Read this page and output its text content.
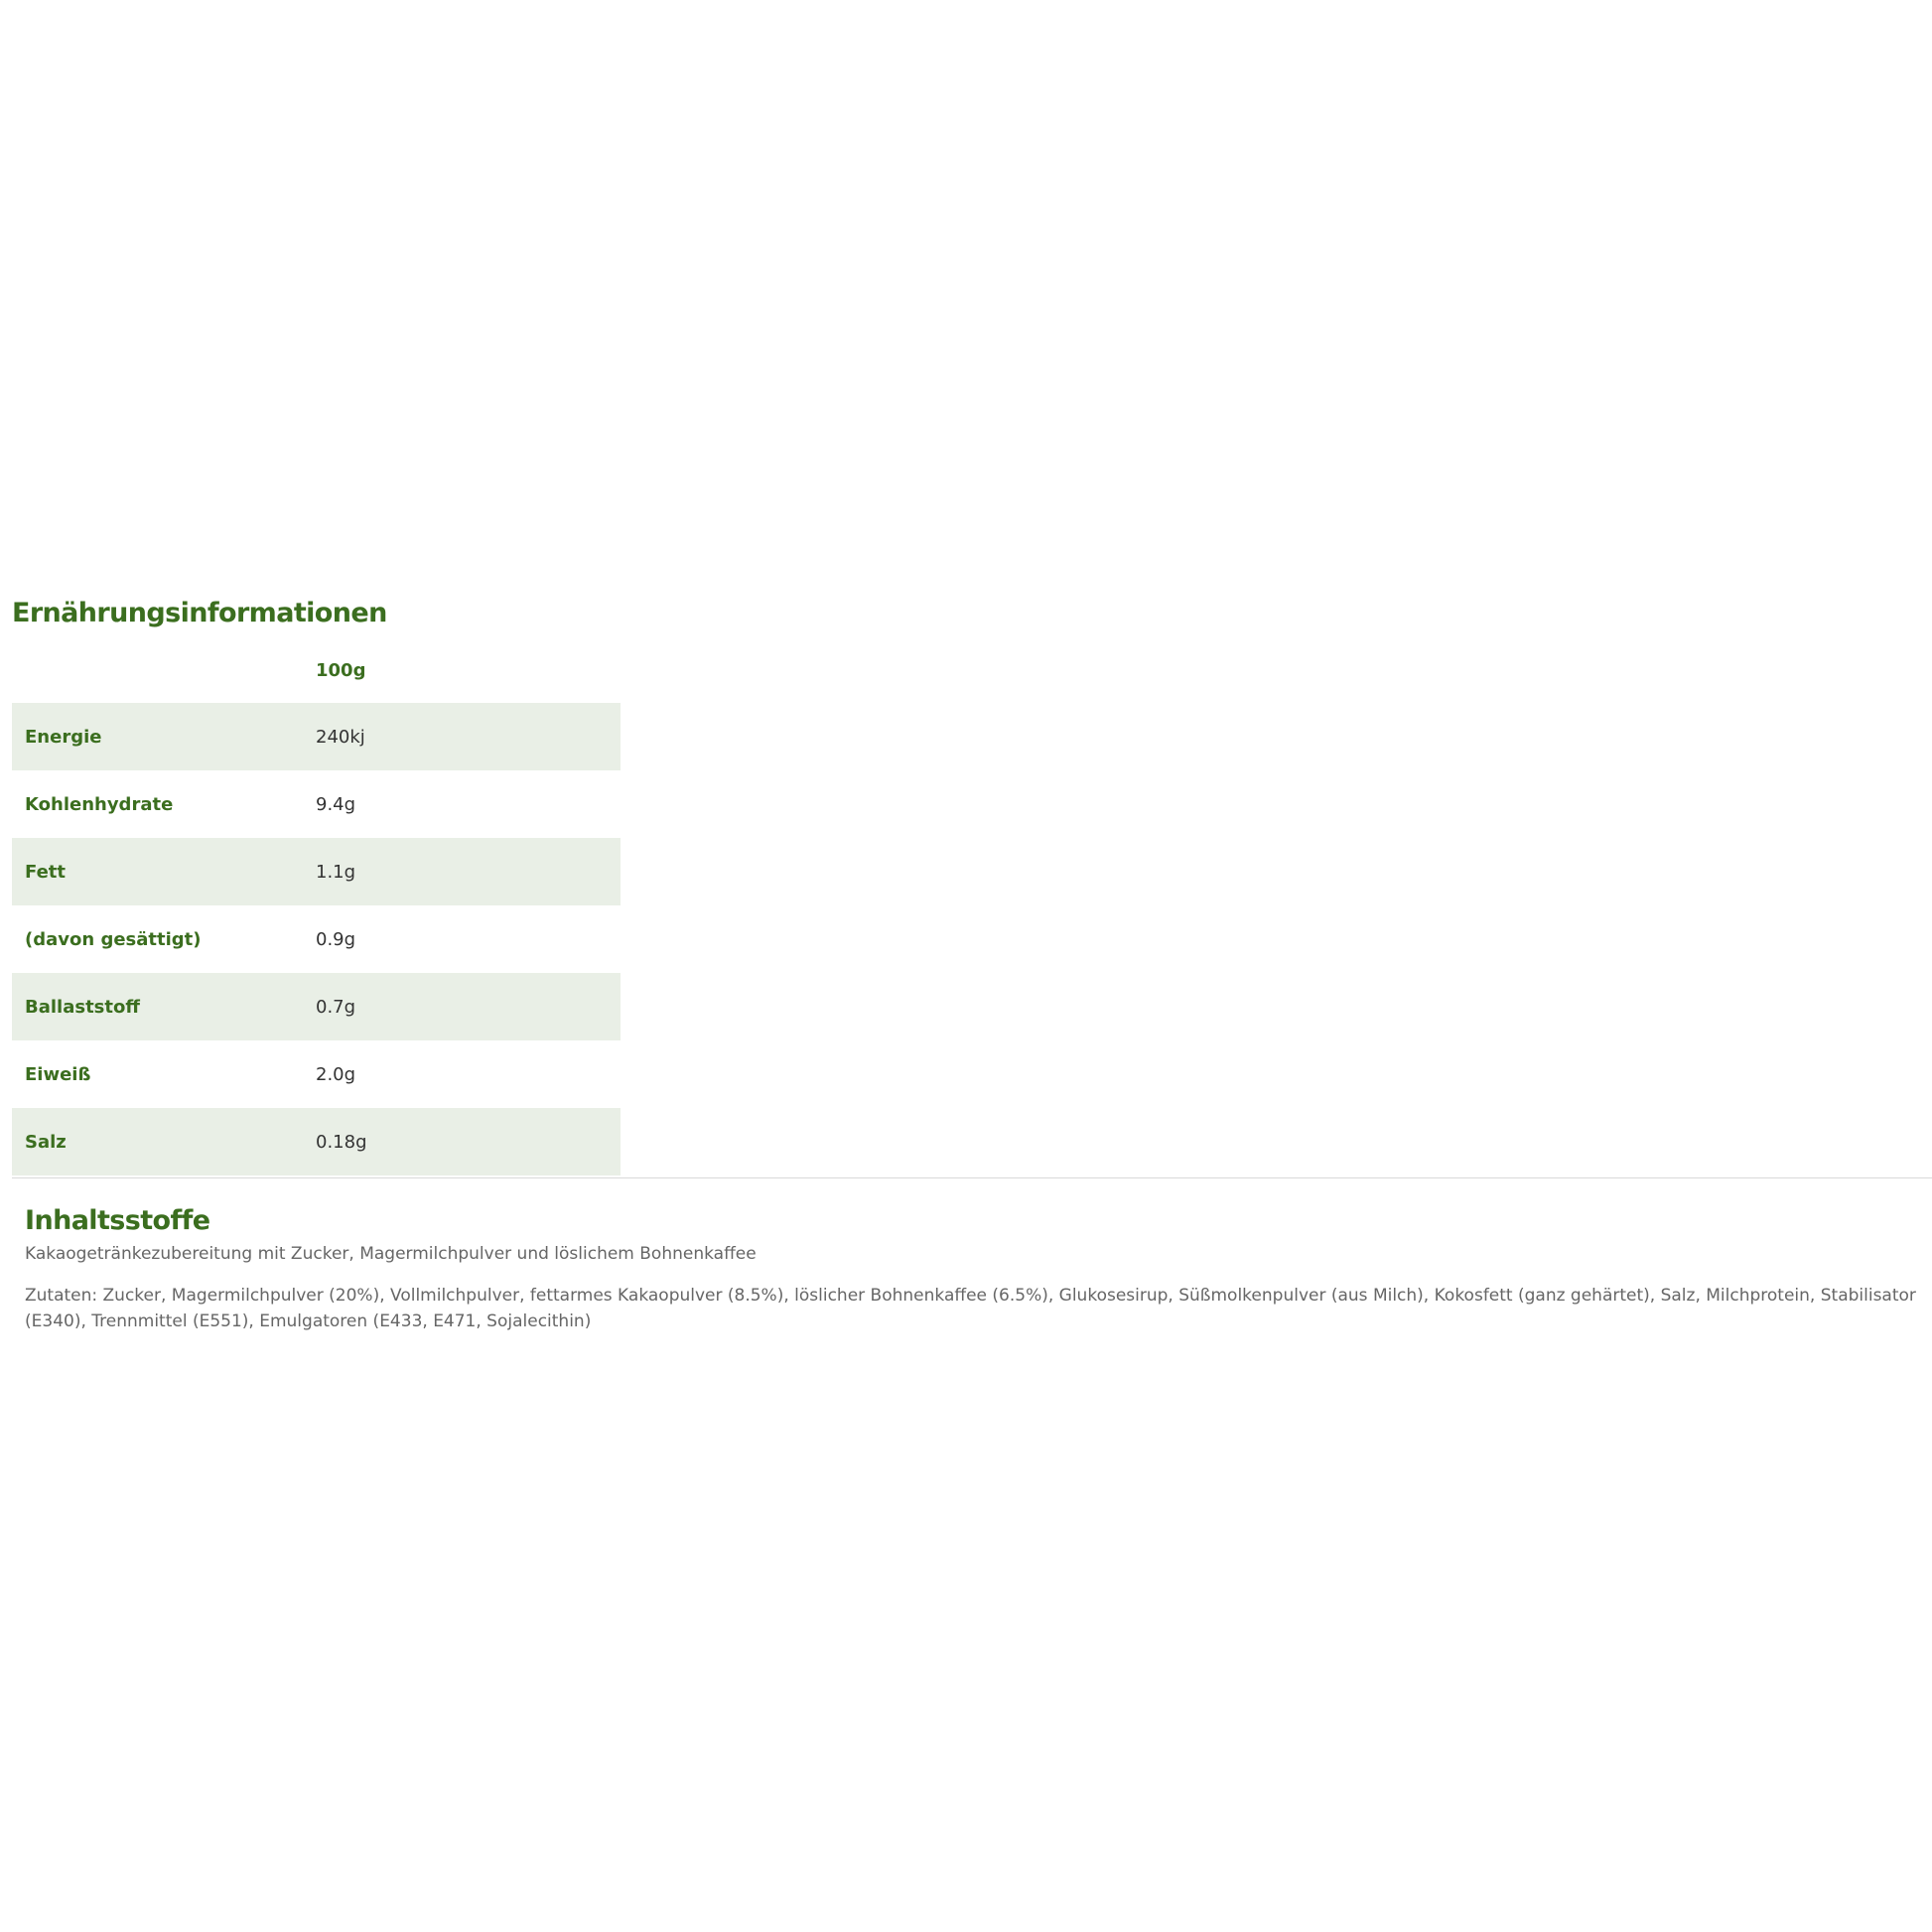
Ernährungsinformationen
100g
Energie	240kj
Kohlenhydrate	9.4g
Fett	1.1g
(davon gesättigt)	0.9g
Ballaststoff	0.7g
Eiweiß	2.0g
Salz	0.18g
Inhaltsstoffe

Kakaogetränkezubereitung mit Zucker, Magermilchpulver und löslichem Bohnenkaffee

Zutaten: Zucker, Magermilchpulver (20%), Vollmilchpulver, fettarmes Kakaopulver (8.5%), löslicher Bohnenkaffee (6.5%), Glukosesirup, Süßmolkenpulver (aus Milch), Kokosfett (ganz gehärtet), Salz, Milchprotein, Stabilisator (E340), Trennmittel (E551), Emulgatoren (E433, E471, Sojalecithin)
